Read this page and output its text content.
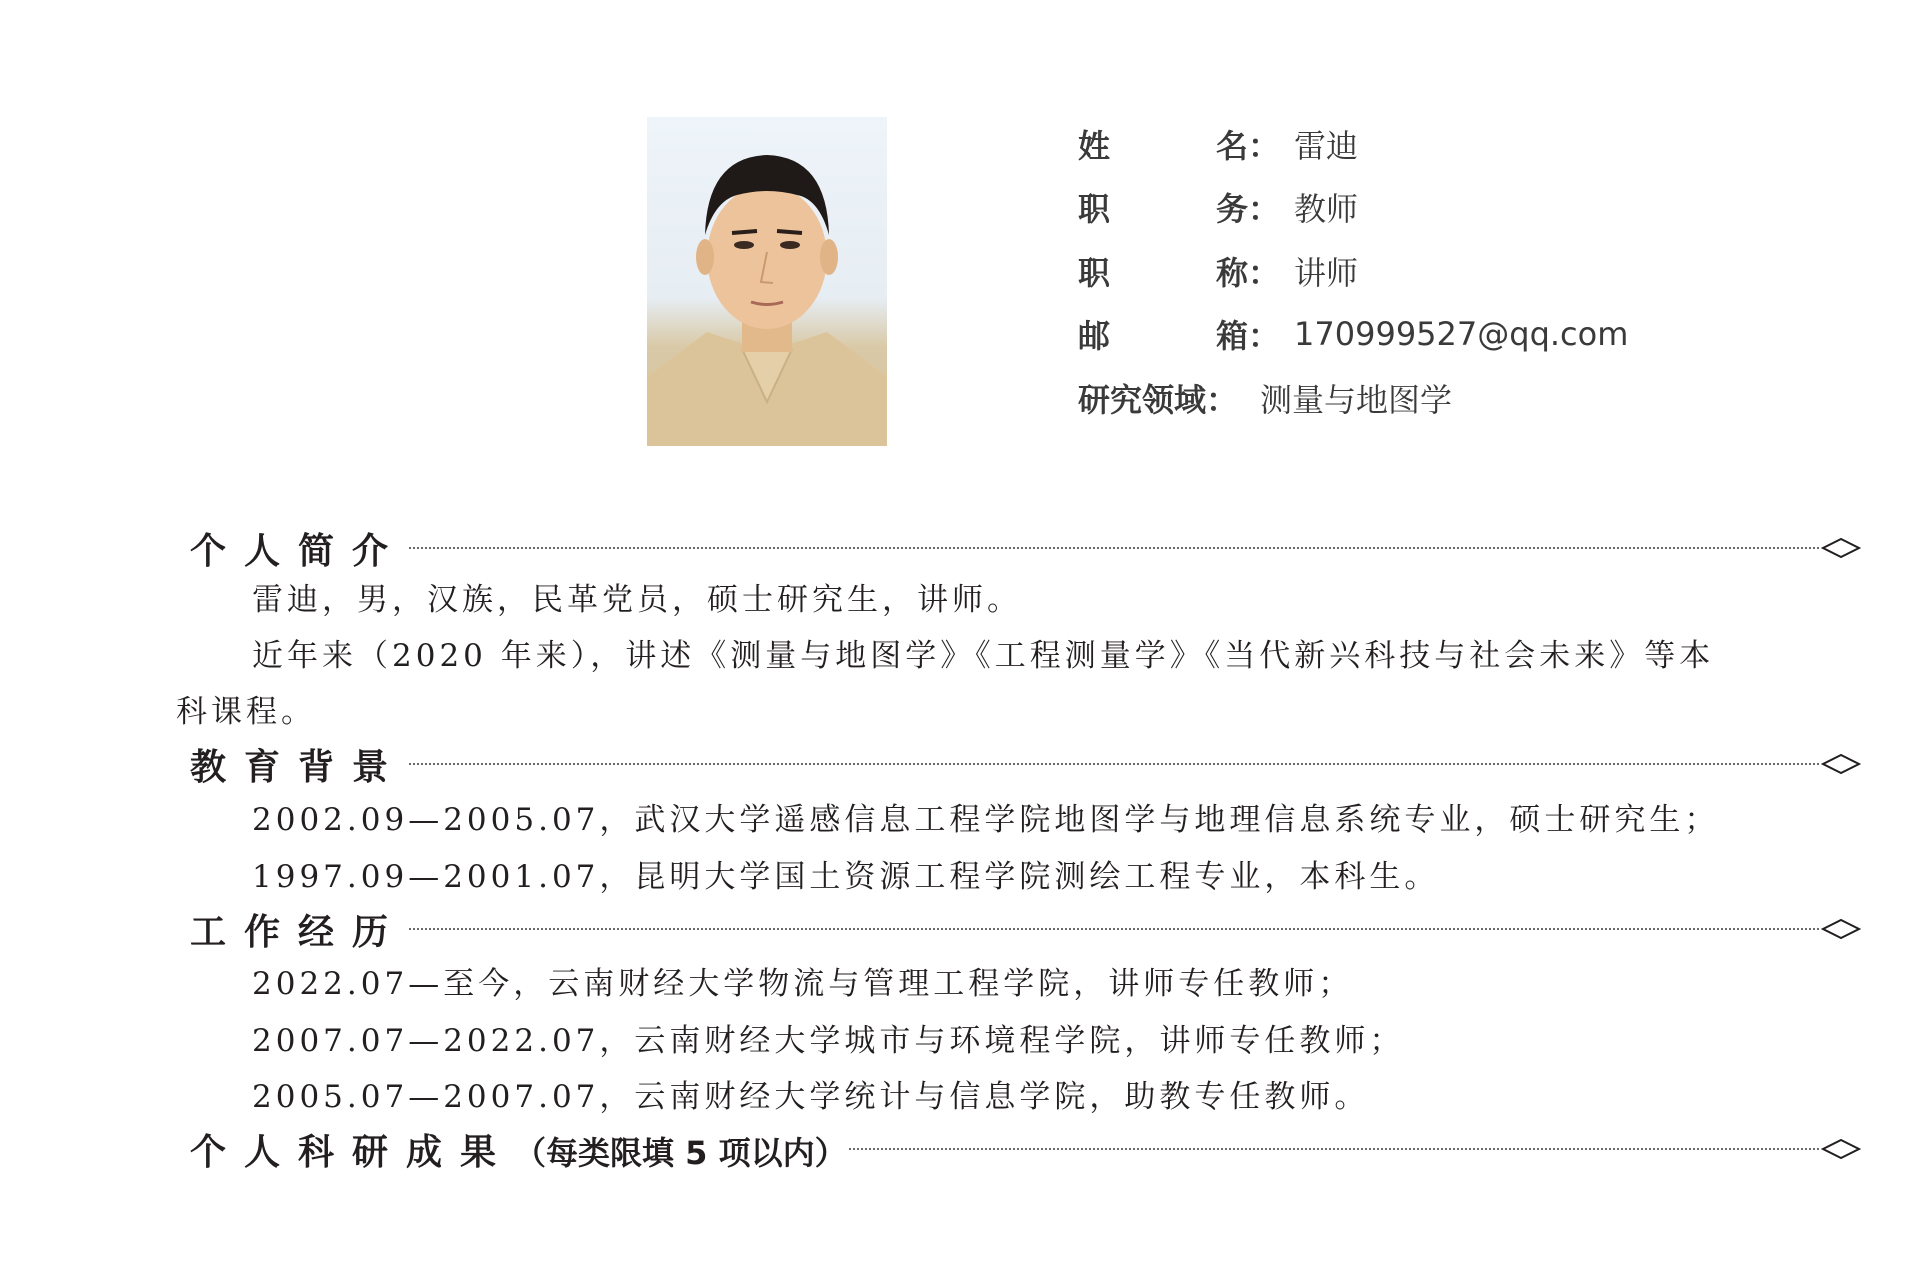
姓	名 ： 雷迪
职	务 ： 教师
职	称 ： 讲师
邮	箱 ： 170999527@qq.com
研究领域 ： 测量与地图学
个人简介
雷迪，男，汉族，民革党员，硕士研究生，讲师。
近年来（2020 年来），讲述《测量与地图学》《工程测量学》《当代新兴科技与社会未来》等本
科课程。
教育背景
2002.09—2005.07，武汉大学遥感信息工程学院地图学与地理信息系统专业，硕士研究生；
1997.09—2001.07，昆明大学国土资源工程学院测绘工程专业，本科生。
工作经历
2022.07—至今，云南财经大学物流与管理工程学院，讲师专任教师；
2007.07—2022.07，云南财经大学城市与环境程学院，讲师专任教师；
2005.07—2007.07，云南财经大学统计与信息学院，助教专任教师。
个人科研成果（每类限填 5 项以内）
